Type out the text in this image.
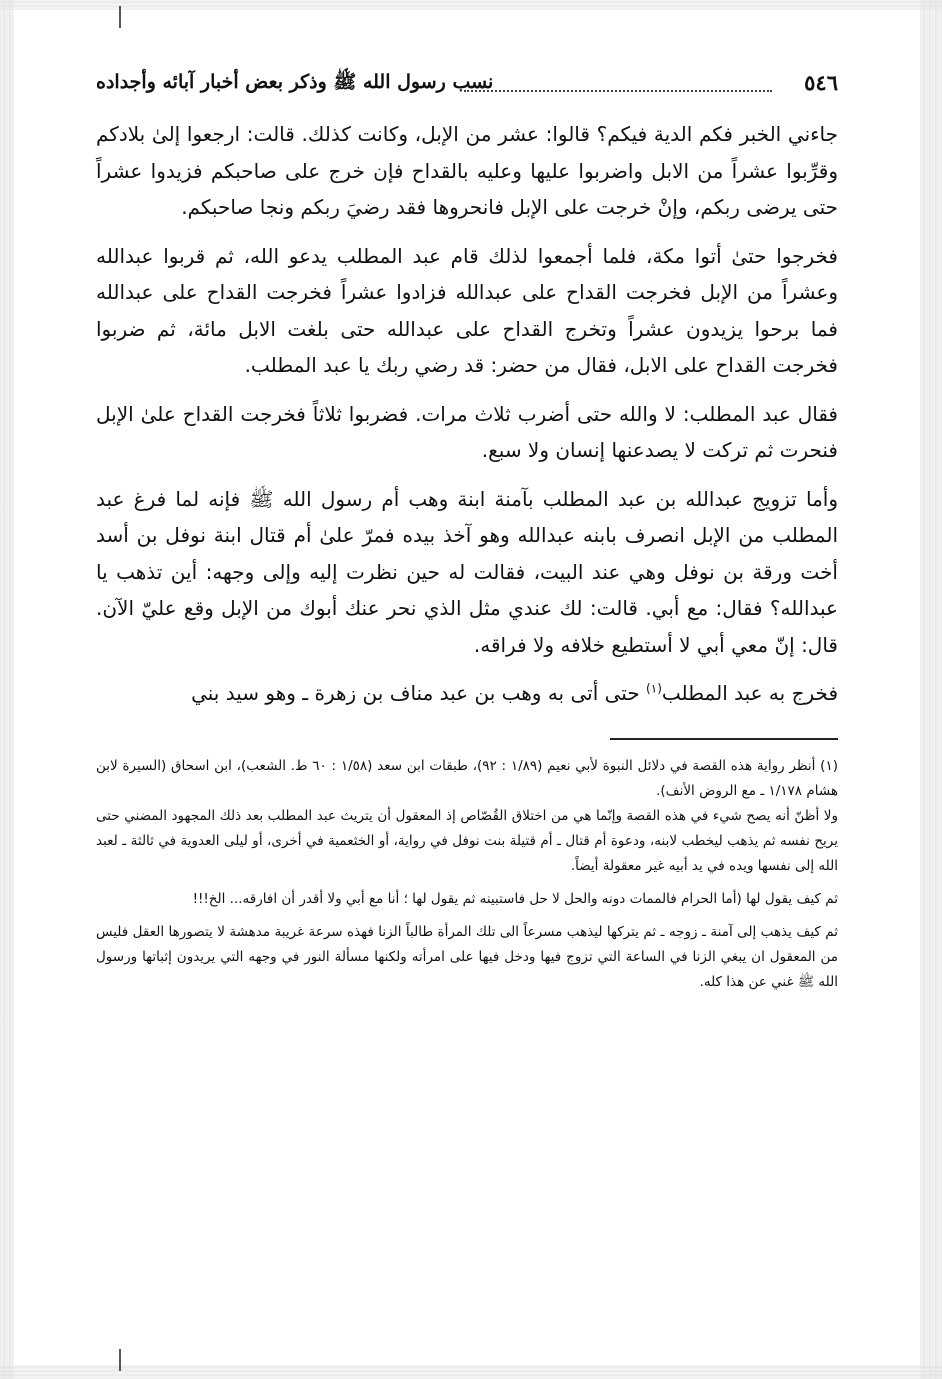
٥٤٦
نسب رسول الله ﷺ وذكر بعض أخبار آبائه وأجداده

جاءني الخبر فكم الدية فيكم؟ قالوا: عشر من الإبل، وكانت كذلك. قالت: ارجعوا إلىٰ بلادكم وقرِّبوا عشراً من الابل واضربوا عليها وعليه بالقداح فإن خرج على صاحبكم فزيدوا عشراً حتى يرضى ربكم، وإنْ خرجت على الإبل فانحروها فقد رضيَ ربكم ونجا صاحبكم.

فخرجوا حتىٰ أتوا مكة، فلما أجمعوا لذلك قام عبد المطلب يدعو الله، ثم قربوا عبدالله وعشراً من الإبل فخرجت القداح على عبدالله فزادوا عشراً فخرجت القداح على عبدالله فما برحوا يزيدون عشراً وتخرج القداح على عبدالله حتى بلغت الابل مائة، ثم ضربوا فخرجت القداح على الابل، فقال من حضر: قد رضي ربك يا عبد المطلب.

فقال عبد المطلب: لا والله حتى أضرب ثلاث مرات. فضربوا ثلاثاً فخرجت القداح علىٰ الإبل فنحرت ثم تركت لا يصدعنها إنسان ولا سبع.

وأما تزويج عبدالله بن عبد المطلب بآمنة ابنة وهب أم رسول الله ﷺ فإنه لما فرغ عبد المطلب من الإبل انصرف بابنه عبدالله وهو آخذ بيده فمرّ علىٰ أم قتال ابنة نوفل بن أسد أخت ورقة بن نوفل وهي عند البيت، فقالت له حين نظرت إليه وإلى وجهه: أين تذهب يا عبدالله؟ فقال: مع أبي. قالت: لك عندي مثل الذي نحر عنك أبوك من الإبل وقع عليّ الآن. قال: إنّ معي أبي لا أستطيع خلافه ولا فراقه.

فخرج به عبد المطلب$^{(١)}$ حتى أتى به وهب بن عبد مناف بن زهرة ـ وهو سيد بني

(١) أنظر رواية هذه القصة في دلائل النبوة لأبي نعيم (١/٨٩ : ٩٢)، طبقات ابن سعد (١/٥٨ : ٦٠ ط. الشعب)، ابن اسحاق (السيرة لابن هشام ١/١٧٨ ـ مع الروض الأنف).

ولا أظنّ أنه يصح شيء في هذه القصة وإنّما هي من اختلاق القُصّاص إذ المعقول أن يتريث عبد المطلب بعد ذلك المجهود المضني حتى يريح نفسه ثم يذهب ليخطب لابنه، ودعوة أم قتال ـ أم قتيلة بنت نوفل في رواية، أو الخثعمية في أخرى، أو ليلى العدوية في ثالثة ـ لعبد الله إلى نفسها ويده في يد أبيه غير معقولة أيضاً.

ثم كيف يقول لها (أما الحرام فالممات دونه والحل لا حل فاستبينه ثم يقول لها ؛ أنا مع أبي ولا أقدر أن افارقه... الخ!!!

ثم كيف يذهب إلى آمنة ـ زوجه ـ ثم يتركها ليذهب مسرعاً الى تلك المرأة طالباً الزنا فهذه سرعة غريبة مدهشة لا يتصورها العقل فليس من المعقول ان يبغي الزنا في الساعة التي تزوج فيها ودخل فيها على امرأته ولكنها مسألة النور في وجهه التي يريدون إثباتها ورسول الله ﷺ غني عن هذا كله.
